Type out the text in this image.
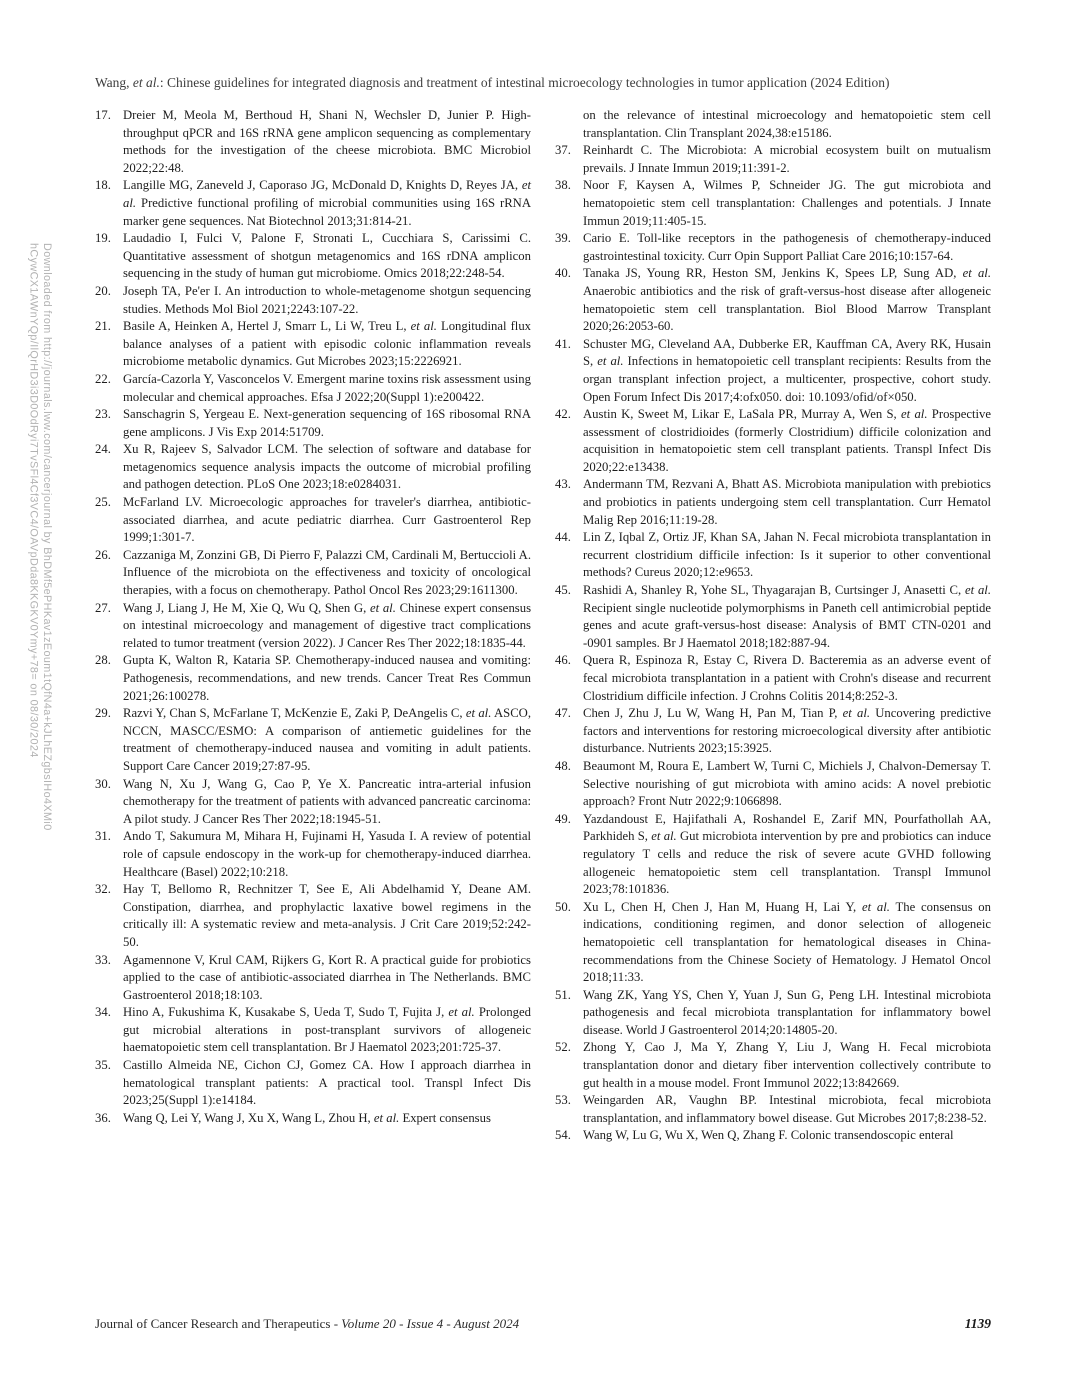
Downloaded from http://journals.lww.com/cancerjournal by BhDMf5ePHKav1zEoum1tQfN4a+kJLhEZgbsIHo4XMi0
hCywCX1AWnYQp/IlQrHD3i3D0OdRyi7TvSFl4Cf3VC4/OAVpDda8KKGKV0Ymy+78= on 08/30/2024
Wang, et al.: Chinese guidelines for integrated diagnosis and treatment of intestinal microecology technologies in tumor application (2024 Edition)
17. Dreier M, Meola M, Berthoud H, Shani N, Wechsler D, Junier P. High-throughput qPCR and 16S rRNA gene amplicon sequencing as complementary methods for the investigation of the cheese microbiota. BMC Microbiol 2022;22:48.
18. Langille MG, Zaneveld J, Caporaso JG, McDonald D, Knights D, Reyes JA, et al. Predictive functional profiling of microbial communities using 16S rRNA marker gene sequences. Nat Biotechnol 2013;31:814-21.
19. Laudadio I, Fulci V, Palone F, Stronati L, Cucchiara S, Carissimi C. Quantitative assessment of shotgun metagenomics and 16S rDNA amplicon sequencing in the study of human gut microbiome. Omics 2018;22:248-54.
20. Joseph TA, Pe'er I. An introduction to whole-metagenome shotgun sequencing studies. Methods Mol Biol 2021;2243:107-22.
21. Basile A, Heinken A, Hertel J, Smarr L, Li W, Treu L, et al. Longitudinal flux balance analyses of a patient with episodic colonic inflammation reveals microbiome metabolic dynamics. Gut Microbes 2023;15:2226921.
22. García-Cazorla Y, Vasconcelos V. Emergent marine toxins risk assessment using molecular and chemical approaches. Efsa J 2022;20(Suppl 1):e200422.
23. Sanschagrin S, Yergeau E. Next-generation sequencing of 16S ribosomal RNA gene amplicons. J Vis Exp 2014:51709.
24. Xu R, Rajeev S, Salvador LCM. The selection of software and database for metagenomics sequence analysis impacts the outcome of microbial profiling and pathogen detection. PLoS One 2023;18:e0284031.
25. McFarland LV. Microecologic approaches for traveler's diarrhea, antibiotic-associated diarrhea, and acute pediatric diarrhea. Curr Gastroenterol Rep 1999;1:301-7.
26. Cazzaniga M, Zonzini GB, Di Pierro F, Palazzi CM, Cardinali M, Bertuccioli A. Influence of the microbiota on the effectiveness and toxicity of oncological therapies, with a focus on chemotherapy. Pathol Oncol Res 2023;29:1611300.
27. Wang J, Liang J, He M, Xie Q, Wu Q, Shen G, et al. Chinese expert consensus on intestinal microecology and management of digestive tract complications related to tumor treatment (version 2022). J Cancer Res Ther 2022;18:1835-44.
28. Gupta K, Walton R, Kataria SP. Chemotherapy-induced nausea and vomiting: Pathogenesis, recommendations, and new trends. Cancer Treat Res Commun 2021;26:100278.
29. Razvi Y, Chan S, McFarlane T, McKenzie E, Zaki P, DeAngelis C, et al. ASCO, NCCN, MASCC/ESMO: A comparison of antiemetic guidelines for the treatment of chemotherapy-induced nausea and vomiting in adult patients. Support Care Cancer 2019;27:87-95.
30. Wang N, Xu J, Wang G, Cao P, Ye X. Pancreatic intra-arterial infusion chemotherapy for the treatment of patients with advanced pancreatic carcinoma: A pilot study. J Cancer Res Ther 2022;18:1945-51.
31. Ando T, Sakumura M, Mihara H, Fujinami H, Yasuda I. A review of potential role of capsule endoscopy in the work-up for chemotherapy-induced diarrhea. Healthcare (Basel) 2022;10:218.
32. Hay T, Bellomo R, Rechnitzer T, See E, Ali Abdelhamid Y, Deane AM. Constipation, diarrhea, and prophylactic laxative bowel regimens in the critically ill: A systematic review and meta-analysis. J Crit Care 2019;52:242-50.
33. Agamennone V, Krul CAM, Rijkers G, Kort R. A practical guide for probiotics applied to the case of antibiotic-associated diarrhea in The Netherlands. BMC Gastroenterol 2018;18:103.
34. Hino A, Fukushima K, Kusakabe S, Ueda T, Sudo T, Fujita J, et al. Prolonged gut microbial alterations in post-transplant survivors of allogeneic haematopoietic stem cell transplantation. Br J Haematol 2023;201:725-37.
35. Castillo Almeida NE, Cichon CJ, Gomez CA. How I approach diarrhea in hematological transplant patients: A practical tool. Transpl Infect Dis 2023;25(Suppl 1):e14184.
36. Wang Q, Lei Y, Wang J, Xu X, Wang L, Zhou H, et al. Expert consensus
on the relevance of intestinal microecology and hematopoietic stem cell transplantation. Clin Transplant 2024,38:e15186.
37. Reinhardt C. The Microbiota: A microbial ecosystem built on mutualism prevails. J Innate Immun 2019;11:391-2.
38. Noor F, Kaysen A, Wilmes P, Schneider JG. The gut microbiota and hematopoietic stem cell transplantation: Challenges and potentials. J Innate Immun 2019;11:405-15.
39. Cario E. Toll-like receptors in the pathogenesis of chemotherapy-induced gastrointestinal toxicity. Curr Opin Support Palliat Care 2016;10:157-64.
40. Tanaka JS, Young RR, Heston SM, Jenkins K, Spees LP, Sung AD, et al. Anaerobic antibiotics and the risk of graft-versus-host disease after allogeneic hematopoietic stem cell transplantation. Biol Blood Marrow Transplant 2020;26:2053-60.
41. Schuster MG, Cleveland AA, Dubberke ER, Kauffman CA, Avery RK, Husain S, et al. Infections in hematopoietic cell transplant recipients: Results from the organ transplant infection project, a multicenter, prospective, cohort study. Open Forum Infect Dis 2017;4:ofx050. doi: 10.1093/ofid/of×050.
42. Austin K, Sweet M, Likar E, LaSala PR, Murray A, Wen S, et al. Prospective assessment of clostridioides (formerly Clostridium) difficile colonization and acquisition in hematopoietic stem cell transplant patients. Transpl Infect Dis 2020;22:e13438.
43. Andermann TM, Rezvani A, Bhatt AS. Microbiota manipulation with prebiotics and probiotics in patients undergoing stem cell transplantation. Curr Hematol Malig Rep 2016;11:19-28.
44. Lin Z, Iqbal Z, Ortiz JF, Khan SA, Jahan N. Fecal microbiota transplantation in recurrent clostridium difficile infection: Is it superior to other conventional methods? Cureus 2020;12:e9653.
45. Rashidi A, Shanley R, Yohe SL, Thyagarajan B, Curtsinger J, Anasetti C, et al. Recipient single nucleotide polymorphisms in Paneth cell antimicrobial peptide genes and acute graft-versus-host disease: Analysis of BMT CTN-0201 and -0901 samples. Br J Haematol 2018;182:887-94.
46. Quera R, Espinoza R, Estay C, Rivera D. Bacteremia as an adverse event of fecal microbiota transplantation in a patient with Crohn's disease and recurrent Clostridium difficile infection. J Crohns Colitis 2014;8:252-3.
47. Chen J, Zhu J, Lu W, Wang H, Pan M, Tian P, et al. Uncovering predictive factors and interventions for restoring microecological diversity after antibiotic disturbance. Nutrients 2023;15:3925.
48. Beaumont M, Roura E, Lambert W, Turni C, Michiels J, Chalvon-Demersay T. Selective nourishing of gut microbiota with amino acids: A novel prebiotic approach? Front Nutr 2022;9:1066898.
49. Yazdandoust E, Hajifathali A, Roshandel E, Zarif MN, Pourfathollah AA, Parkhideh S, et al. Gut microbiota intervention by pre and probiotics can induce regulatory T cells and reduce the risk of severe acute GVHD following allogeneic hematopoietic stem cell transplantation. Transpl Immunol 2023;78:101836.
50. Xu L, Chen H, Chen J, Han M, Huang H, Lai Y, et al. The consensus on indications, conditioning regimen, and donor selection of allogeneic hematopoietic cell transplantation for hematological diseases in China-recommendations from the Chinese Society of Hematology. J Hematol Oncol 2018;11:33.
51. Wang ZK, Yang YS, Chen Y, Yuan J, Sun G, Peng LH. Intestinal microbiota pathogenesis and fecal microbiota transplantation for inflammatory bowel disease. World J Gastroenterol 2014;20:14805-20.
52. Zhong Y, Cao J, Ma Y, Zhang Y, Liu J, Wang H. Fecal microbiota transplantation donor and dietary fiber intervention collectively contribute to gut health in a mouse model. Front Immunol 2022;13:842669.
53. Weingarden AR, Vaughn BP. Intestinal microbiota, fecal microbiota transplantation, and inflammatory bowel disease. Gut Microbes 2017;8:238-52.
54. Wang W, Lu G, Wu X, Wen Q, Zhang F. Colonic transendoscopic enteral
Journal of Cancer Research and Therapeutics - Volume 20 - Issue 4 - August 2024	1139
